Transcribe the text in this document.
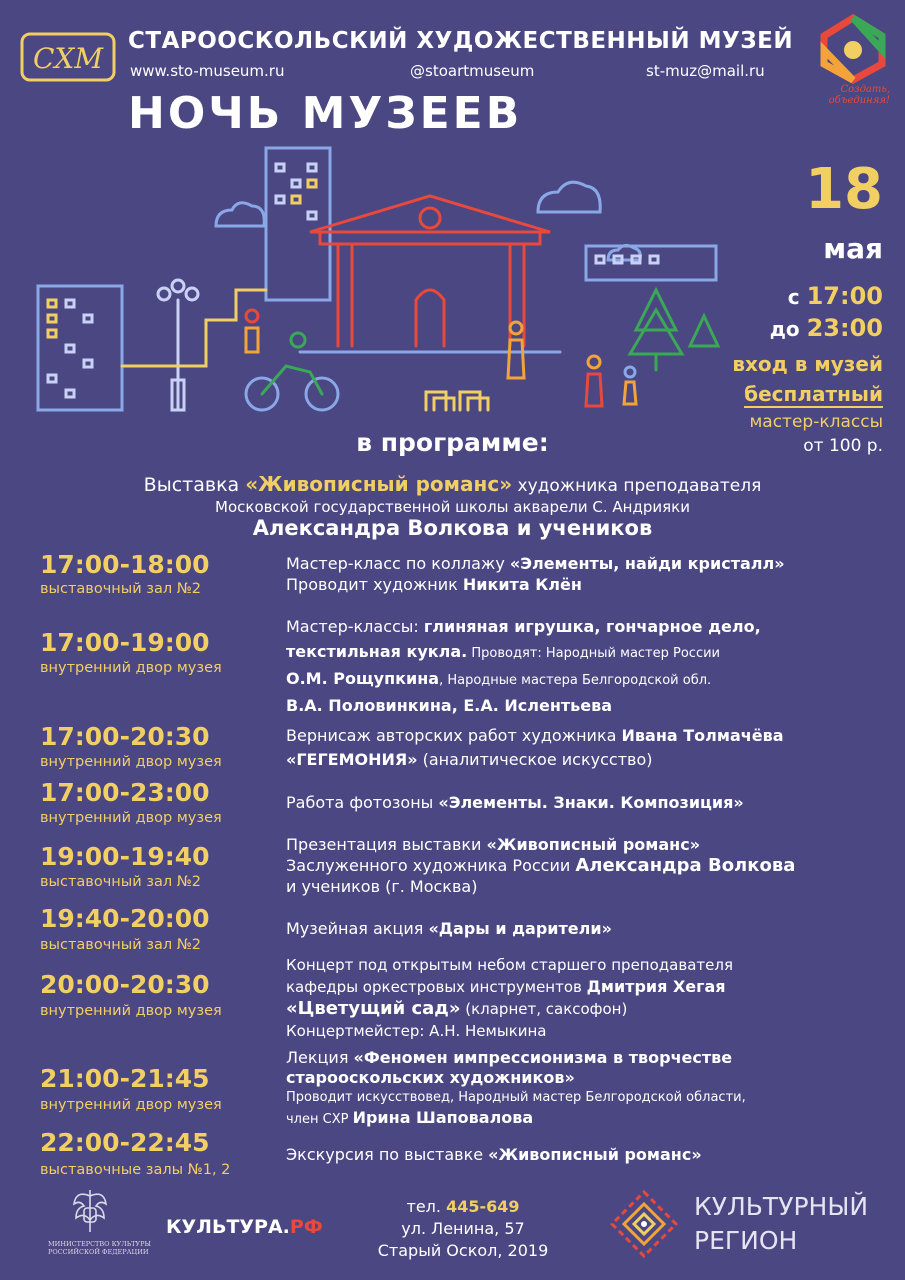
СХМ
СТАРООСКОЛЬСКИЙ ХУДОЖЕСТВЕННЫЙ МУЗЕЙ
www.sto-museum.ru	@stoartmuseum	st-muz@mail.ru
Создать,
объединяя!
НОЧЬ МУЗЕЕВ
18
мая
с 17:00
до 23:00
вход в музей
бесплатный
мастер-классы
от 100 р.
в программе:
Выставка «Живописный романс» художника преподавателя
Московской государственной школы акварели С. Андрияки
Александра Волкова и учеников
17:00-18:00
выставочный зал №2
Мастер-класс по коллажу «Элементы, найди кристалл»
Проводит художник Никита Клён
17:00-19:00
внутренний двор музея
Мастер-классы: глиняная игрушка, гончарное дело,
текстильная кукла. Проводят: Народный мастер России
О.М. Рощупкина, Народные мастера Белгородской обл.
В.А. Половинкина, Е.А. Ислентьева
17:00-20:30
внутренний двор музея
Вернисаж авторских работ художника Ивана Толмачёва
«ГЕГЕМОНИЯ» (аналитическое искусство)
17:00-23:00
внутренний двор музея
Работа фотозоны «Элементы. Знаки. Композиция»
19:00-19:40
выставочный зал №2
Презентация выставки «Живописный романс»
Заслуженного художника России Александра Волкова
и учеников (г. Москва)
19:40-20:00
выставочный зал №2
Музейная акция «Дары и дарители»
20:00-20:30
внутренний двор музея
Концерт под открытым небом старшего преподавателя
кафедры оркестровых инструментов Дмитрия Хегая
«Цветущий сад» (кларнет, саксофон)
Концертмейстер: А.Н. Немыкина
21:00-21:45
внутренний двор музея
Лекция «Феномен импрессионизма в творчестве
старооскольских художников»
Проводит искусствовед, Народный мастер Белгородской области,
член СХР Ирина Шаповалова
22:00-22:45
выставочные залы №1, 2
Экскурсия по выставке «Живописный романс»
МИНИСТЕРСТВО КУЛЬТУРЫ
РОССИЙСКОЙ ФЕДЕРАЦИИ
КУЛЬТУРА.РФ
тел. 445-649
ул. Ленина, 57
Старый Оскол, 2019
КУЛЬТУРНЫЙ
РЕГИОН
